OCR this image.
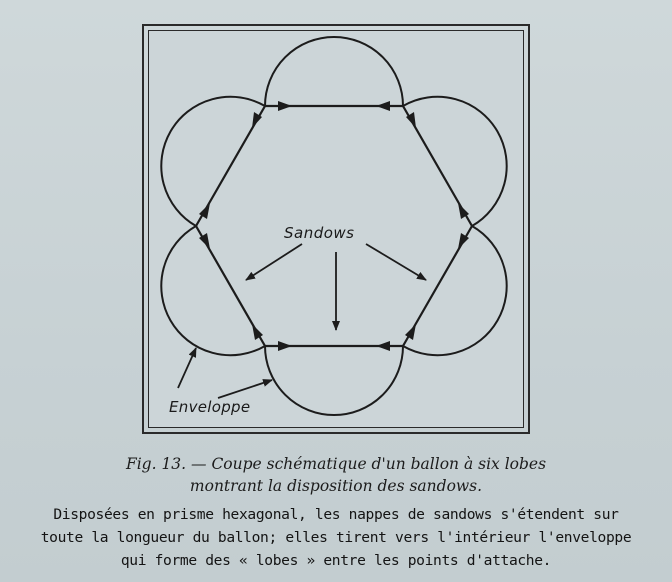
Sandows
Enveloppe
Fig. 13. — Coupe schématique d'un ballon à six lobes
montrant la disposition des sandows.
Disposées en prisme hexagonal, les nappes de sandows s'étendent sur
toute la longueur du ballon; elles tirent vers l'intérieur l'enveloppe
qui forme des « lobes » entre les points d'attache.
